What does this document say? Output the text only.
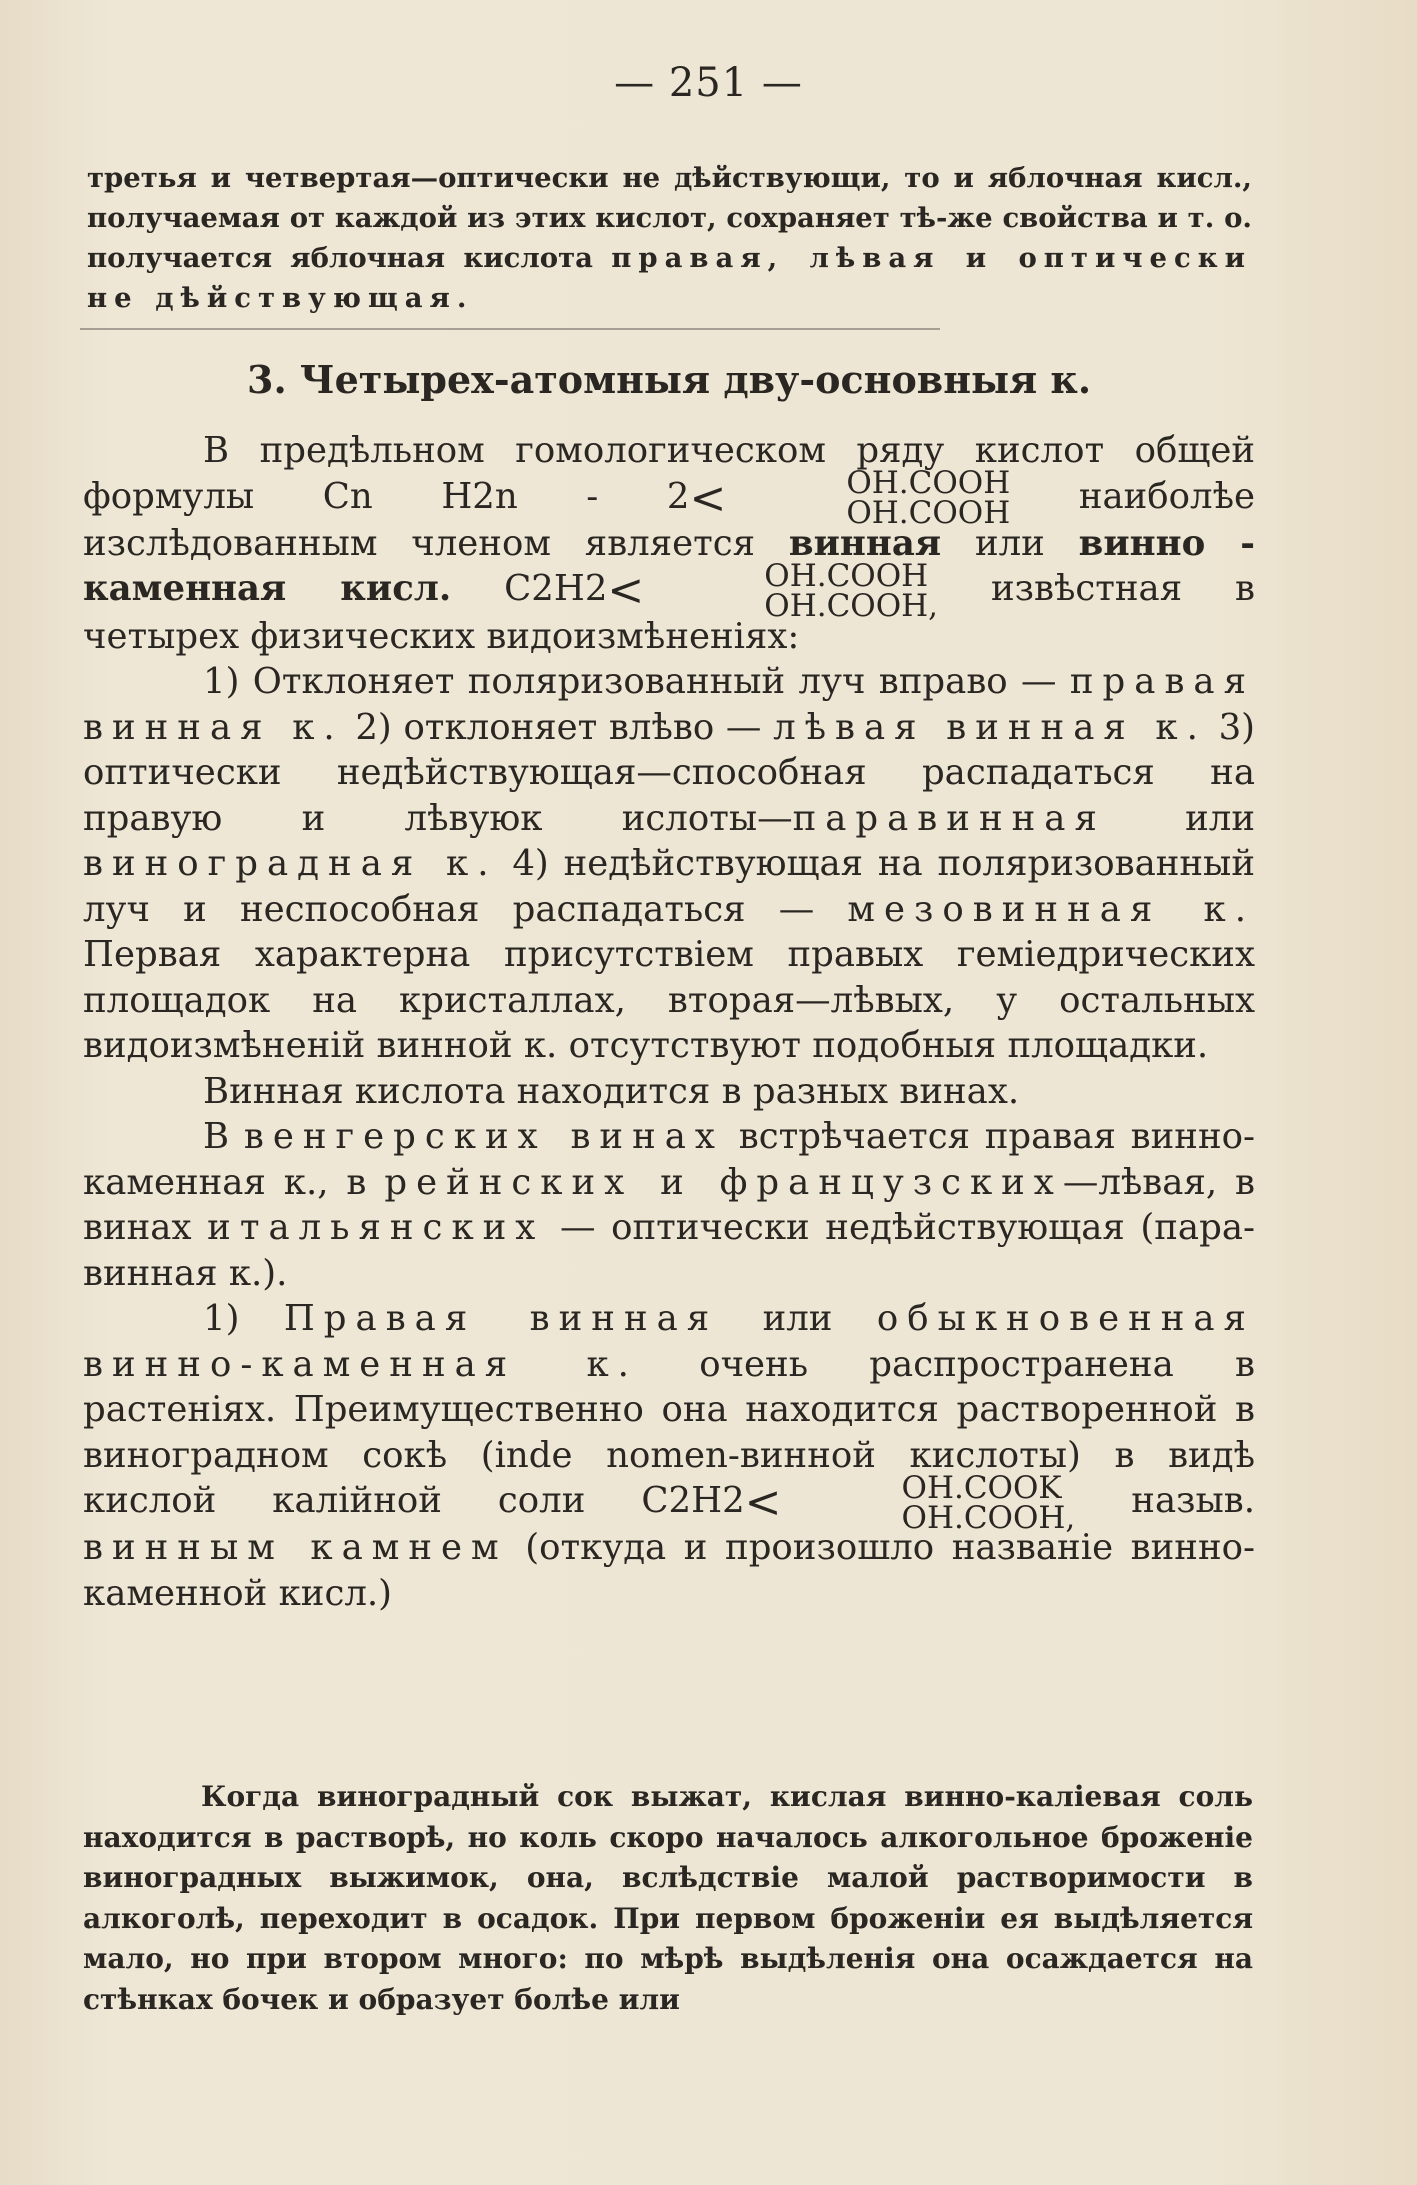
— 251 —

третья и четвертая—оптически не дѣйствующи, то и яблочная кисл., получаемая от каждой из этих кислот, сохраняет тѣ-же свойства и т. о. получается яблочная кислота правая, лѣвая и оптически не дѣйствующая.

3. Четырех-атомныя дву-основныя к.

В предѣльном гомологическом ряду кислот общей формулы Cn H2n - 2<	OH.COOH
OH.COOH наиболѣе изслѣдованным членом является винная или винно - каменная кисл. C2H2<	OH.COOH
OH.COOH, извѣстная в четырех физических видоизмѣненіях:

1) Отклоняет поляризованный луч вправо — правая винная к. 2) отклоняет влѣво — лѣвая винная к. 3) оптически недѣйствующая—способная распадаться на правую и лѣвуюк ислоты—паравинная или виноградная к. 4) недѣйствующая на поляризованный луч и неспособная распадаться — мезовинная к. Первая характерна присутствіем правых геміедрических площадок на кристаллах, вторая—лѣвых, у остальных видоизмѣненій винной к. отсутствуют подобныя площадки.

Винная кислота находится в разных винах.

В венгерских винах встрѣчается правая винно-каменная к., в рейнских и французских—лѣвая, в винах итальянских — оптически недѣйствующая (пара-винная к.).

1) Правая винная или обыкновенная винно-каменная к. очень распространена в растеніях. Преимущественно она находится растворенной в виноградном сокѣ (inde nomen-винной кислоты) в видѣ кислой калійной соли C2H2<	OH.COOK
OH.COOH, назыв. винным камнем (откуда и произошло названіе винно-каменной кисл.)

Когда виноградный сок выжат, кислая винно-каліевая соль находится в растворѣ, но коль скоро началось алкогольное броженіе виноградных выжимок, она, вслѣдствіе малой растворимости в алкоголѣ, переходит в осадок. При первом броженіи ея выдѣляется мало, но при втором много: по мѣрѣ выдѣленія она осаждается на стѣнках бочек и образует болѣе или
